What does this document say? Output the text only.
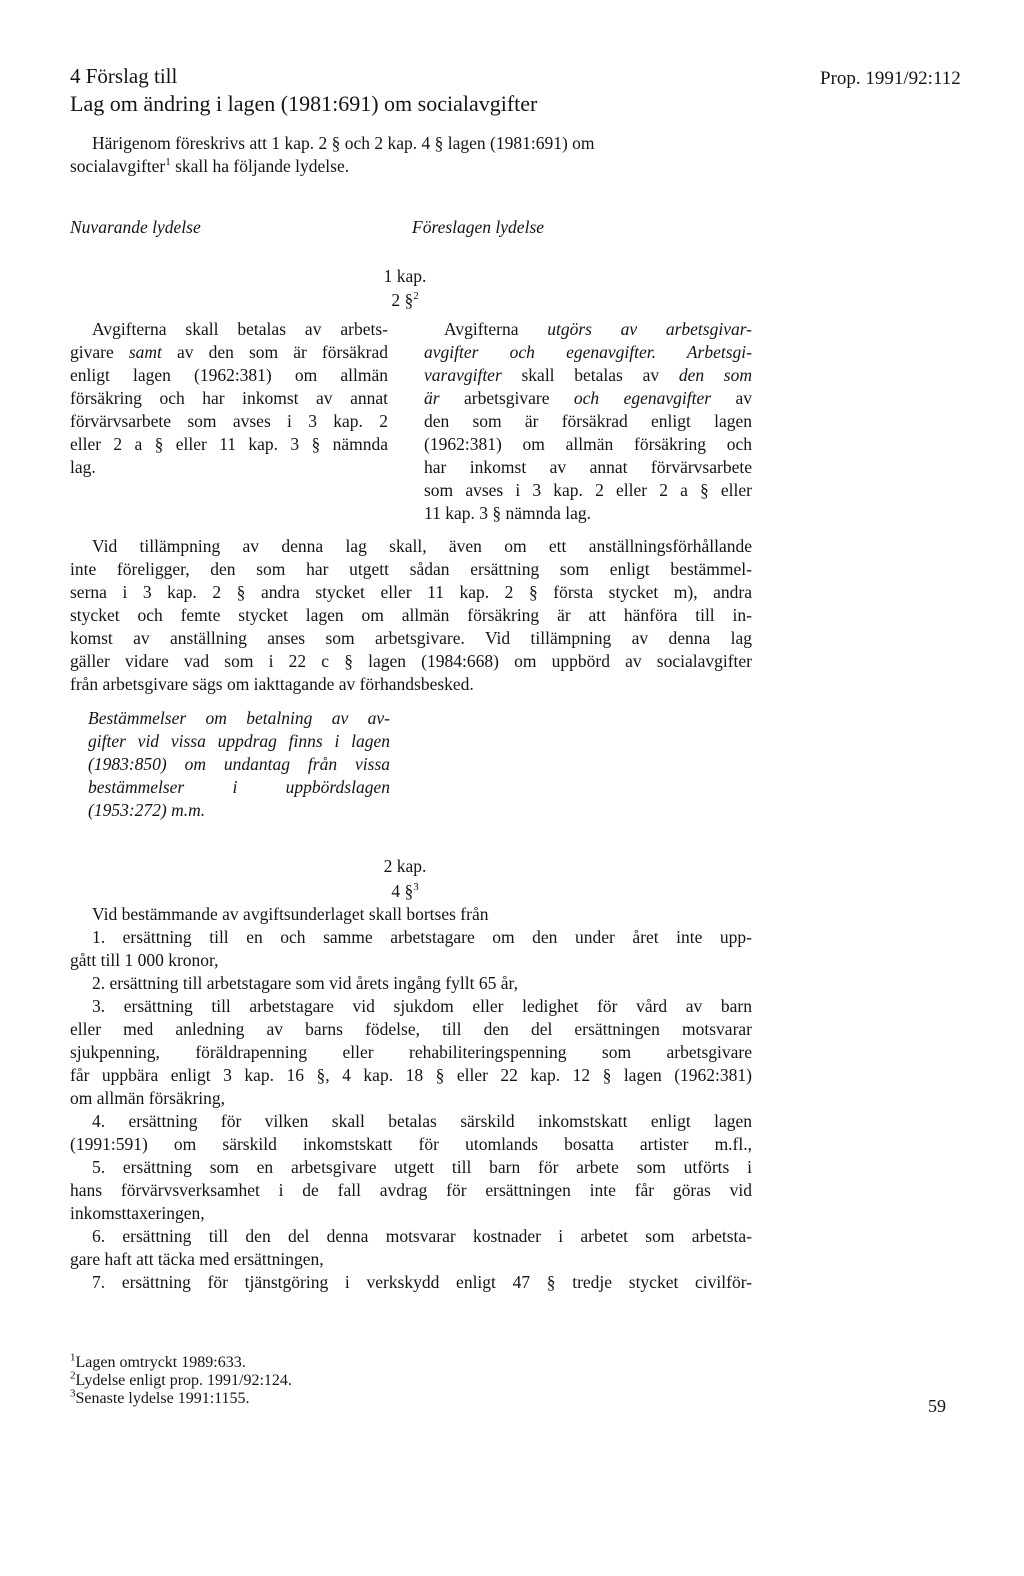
4 Förslag till
Lag om ändring i lagen (1981:691) om socialavgifter
Prop. 1991/92:112
Härigenom föreskrivs att 1 kap. 2 § och 2 kap. 4 § lagen (1981:691) om
socialavgifter$^1$ skall ha följande lydelse.
Nuvarande lydelse	Föreslagen lydelse
1 kap.
2 §$^2$
Avgifterna skall betalas av arbets-
givare samt av den som är försäkrad
enligt lagen (1962:381) om allmän
försäkring och har inkomst av annat
förvärvsarbete som avses i 3 kap. 2
eller 2 a § eller 11 kap. 3 § nämnda
lag.
Avgifterna utgörs av arbetsgivar-
avgifter och egenavgifter. Arbetsgi-
varavgifter skall betalas av den som
är arbetsgivare och egenavgifter av
den som är försäkrad enligt lagen
(1962:381) om allmän försäkring och
har inkomst av annat förvärvsarbete
som avses i 3 kap. 2 eller 2 a § eller
11 kap. 3 § nämnda lag.
Vid tillämpning av denna lag skall, även om ett anställningsförhållande
inte föreligger, den som har utgett sådan ersättning som enligt bestämmel-
serna i 3 kap. 2 § andra stycket eller 11 kap. 2 § första stycket m), andra
stycket och femte stycket lagen om allmän försäkring är att hänföra till in-
komst av anställning anses som arbetsgivare. Vid tillämpning av denna lag
gäller vidare vad som i 22 c § lagen (1984:668) om uppbörd av socialavgifter
från arbetsgivare sägs om iakttagande av förhandsbesked.
Bestämmelser om betalning av av-
gifter vid vissa uppdrag finns i lagen
(1983:850) om undantag från vissa
bestämmelser i uppbördslagen
(1953:272) m.m.
2 kap.
4 §$^3$
Vid bestämmande av avgiftsunderlaget skall bortses från
1. ersättning till en och samme arbetstagare om den under året inte upp-
gått till 1 000 kronor,
2. ersättning till arbetstagare som vid årets ingång fyllt 65 år,
3. ersättning till arbetstagare vid sjukdom eller ledighet för vård av barn
eller med anledning av barns födelse, till den del ersättningen motsvarar
sjukpenning, föräldrapenning eller rehabiliteringspenning som arbetsgivare
får uppbära enligt 3 kap. 16 §, 4 kap. 18 § eller 22 kap. 12 § lagen (1962:381)
om allmän försäkring,
4. ersättning för vilken skall betalas särskild inkomstskatt enligt lagen
(1991:591) om särskild inkomstskatt för utomlands bosatta artister m.fl.,
5. ersättning som en arbetsgivare utgett till barn för arbete som utförts i
hans förvärvsverksamhet i de fall avdrag för ersättningen inte får göras vid
inkomsttaxeringen,
6. ersättning till den del denna motsvarar kostnader i arbetet som arbetsta-
gare haft att täcka med ersättningen,
7. ersättning för tjänstgöring i verkskydd enligt 47 § tredje stycket civilför-
$^1$Lagen omtryckt 1989:633.
$^2$Lydelse enligt prop. 1991/92:124.
$^3$Senaste lydelse 1991:1155.	59
